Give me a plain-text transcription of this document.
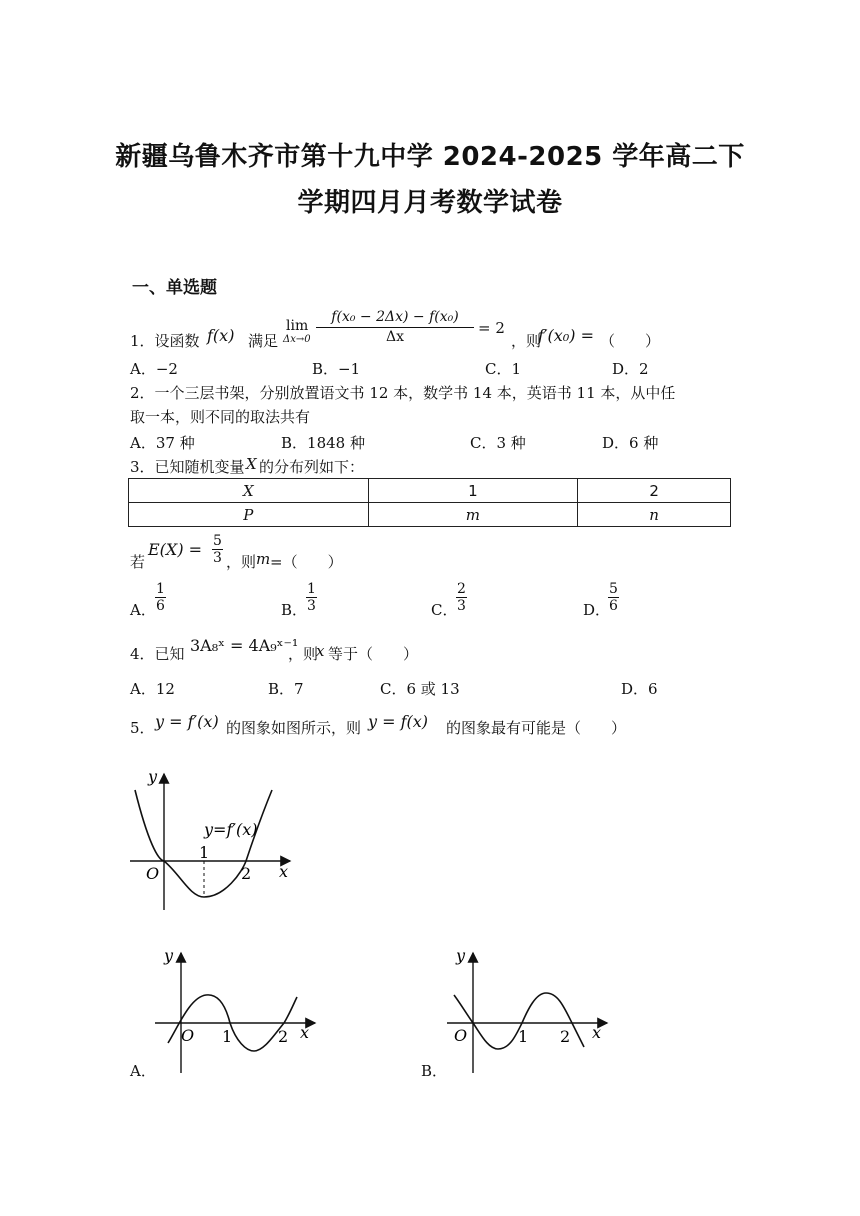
新疆乌鲁木齐市第十九中学 2024-2025 学年高二下
学期四月月考数学试卷
一、单选题
1．设函数 f(x) 满足
lim
$\Delta x\to 0 \frac{\text{f(x₀ − 2Δx) − f(x₀)}}{\Delta x} = 2$
，则
f′(x₀) = （　　）
A．−2	B．−1	C．1	D．2
2．一个三层书架，分别放置语文书 12 本，数学书 14 本，英语书 11 本，从中任
取一本，则不同的取法共有
A．37 种	B．1848 种	C．3 种	D．6 种
3．已知随机变量 X 的分布列如下：
X	1	2
P	m	n
若
$E(X) = \frac{5}{3}$ ，则 m =（　　）
A． $\frac{1}{6}$	B．
$\frac{1}{3}$	C．
$\frac{2}{3}$	D．
$\frac{5}{6}$
4．已知 3A₈ˣ = 4A₉ˣ⁻¹
，则
x 等于（　　）
A．12	B．7	C．6 或 13	D．6
5． y = f′(x) 的图象如图所示，则 y = f(x) 的图象最有可能是（　　）
y
y=f′(x)
O	x
1
2
y
O	x
1	2
A．
y
O	x
1 2
B．
